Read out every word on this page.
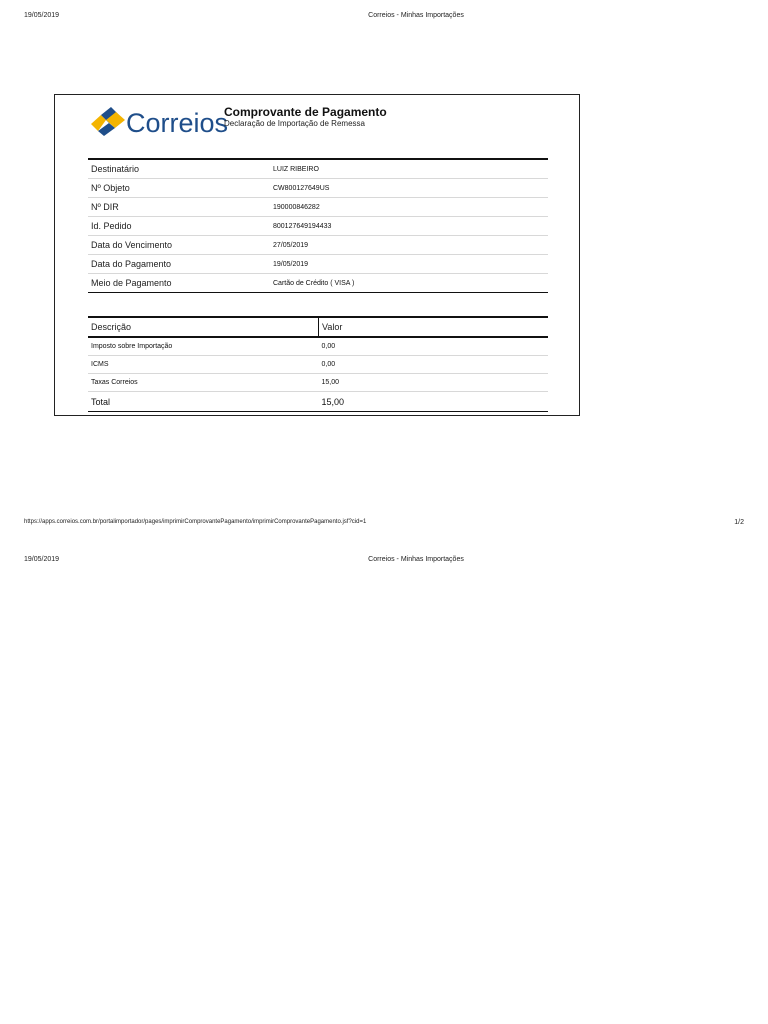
19/05/2019	Correios - Minhas Importações
Correios
Comprovante de Pagamento
Declaração de Importação de Remessa
Destinatário	LUIZ RIBEIRO
Nº Objeto	CW800127649US
Nº DIR	190000846282
Id. Pedido	800127649194433
Data do Vencimento	27/05/2019
Data do Pagamento	19/05/2019
Meio de Pagamento	Cartão de Crédito ( VISA )
Descrição	Valor
Imposto sobre Importação	0,00
ICMS	0,00
Taxas Correios	15,00
Total	15,00
https://apps.correios.com.br/portalimportador/pages/imprimirComprovantePagamento/imprimirComprovantePagamento.jsf?cid=1	1/2
19/05/2019	Correios - Minhas Importações
